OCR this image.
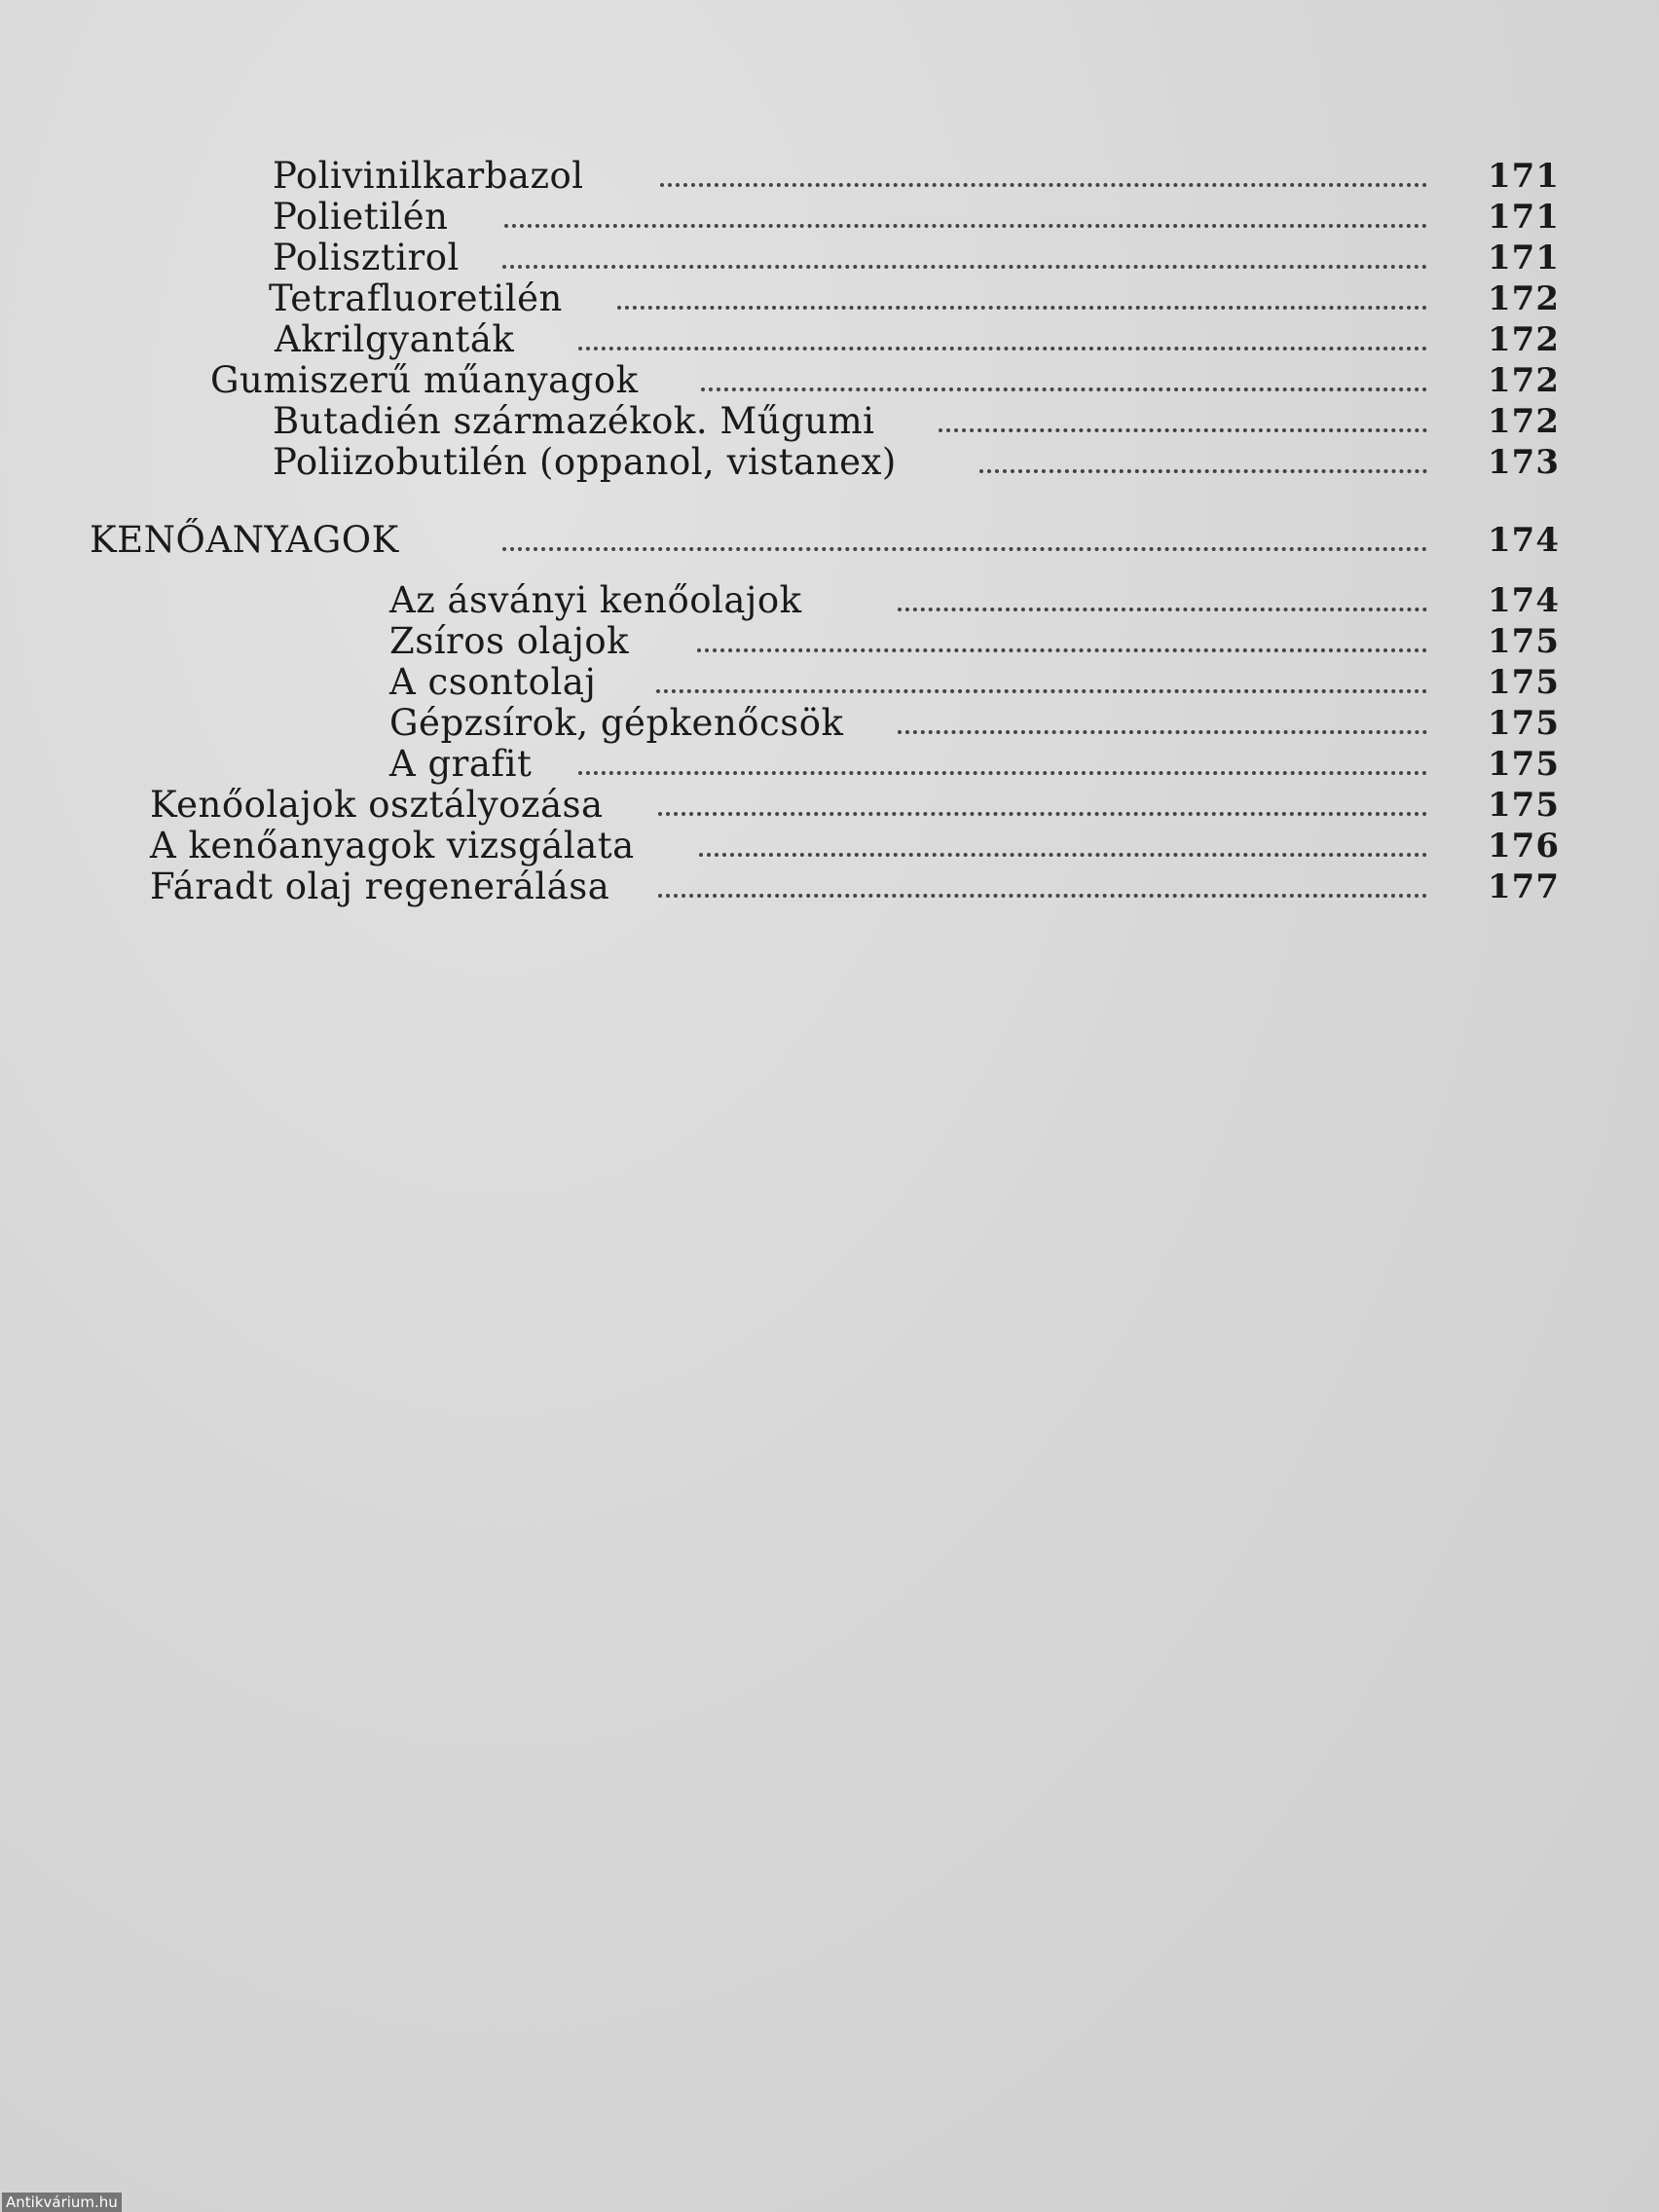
Polivinilkarbazol	171
Polietilén	171
Polisztirol	171
Tetrafluoretilén	172
Akrilgyanták	172
Gumiszerű műanyagok	172
Butadién származékok. Műgumi	172
Poliizobutilén (oppanol, vistanex)	173
KENŐANYAGOK	174
Az ásványi kenőolajok	174
Zsíros olajok	175
A csontolaj	175
Gépzsírok, gépkenőcsök	175
A grafit	175
Kenőolajok osztályozása	175
A kenőanyagok vizsgálata	176
Fáradt olaj regenerálása	177
Antikvárium.hu
